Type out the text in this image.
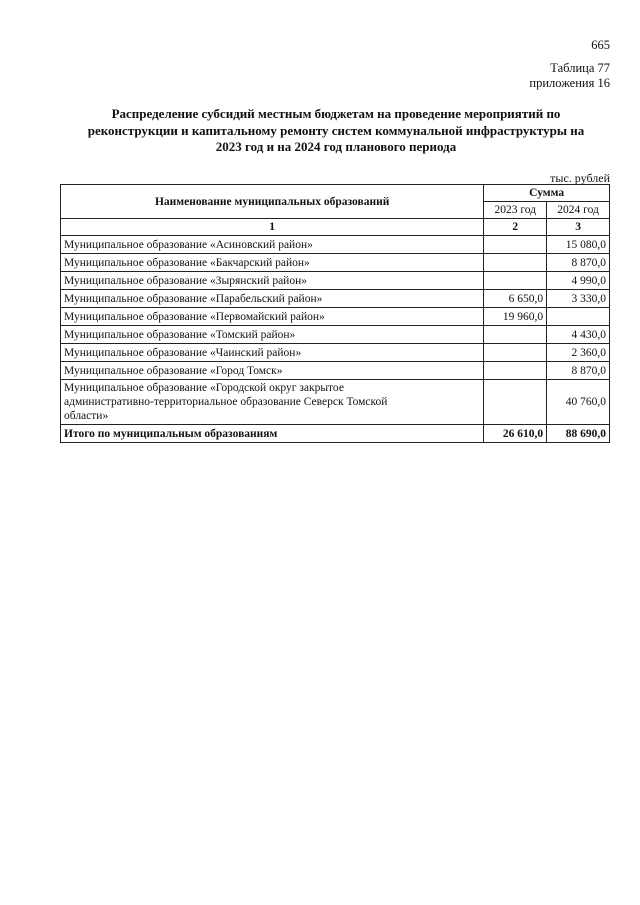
665
Таблица 77
приложения 16
Распределение субсидий местным бюджетам на проведение мероприятий по
реконструкции и капитальному ремонту систем коммунальной инфраструктуры на
2023 год и на 2024 год планового периода
тыс. рублей
Наименование муниципальных образований	Сумма	
	2023 год	2024 год
1	2	3
Муниципальное образование «Асиновский район»		15 080,0
Муниципальное образование «Бакчарский район»		8 870,0
Муниципальное образование «Зырянский район»		4 990,0
Муниципальное образование «Парабельский район»	6 650,0	3 330,0
Муниципальное образование «Первомайский район»	19 960,0	
Муниципальное образование «Томский район»		4 430,0
Муниципальное образование «Чаинский район»		2 360,0
Муниципальное образование «Город Томск»		8 870,0

Муниципальное образование «Городской округ закрытое
административно-территориальное образование Северск Томской
области»		40 760,0
Итого по муниципальным образованиям	26 610,0	88 690,0
